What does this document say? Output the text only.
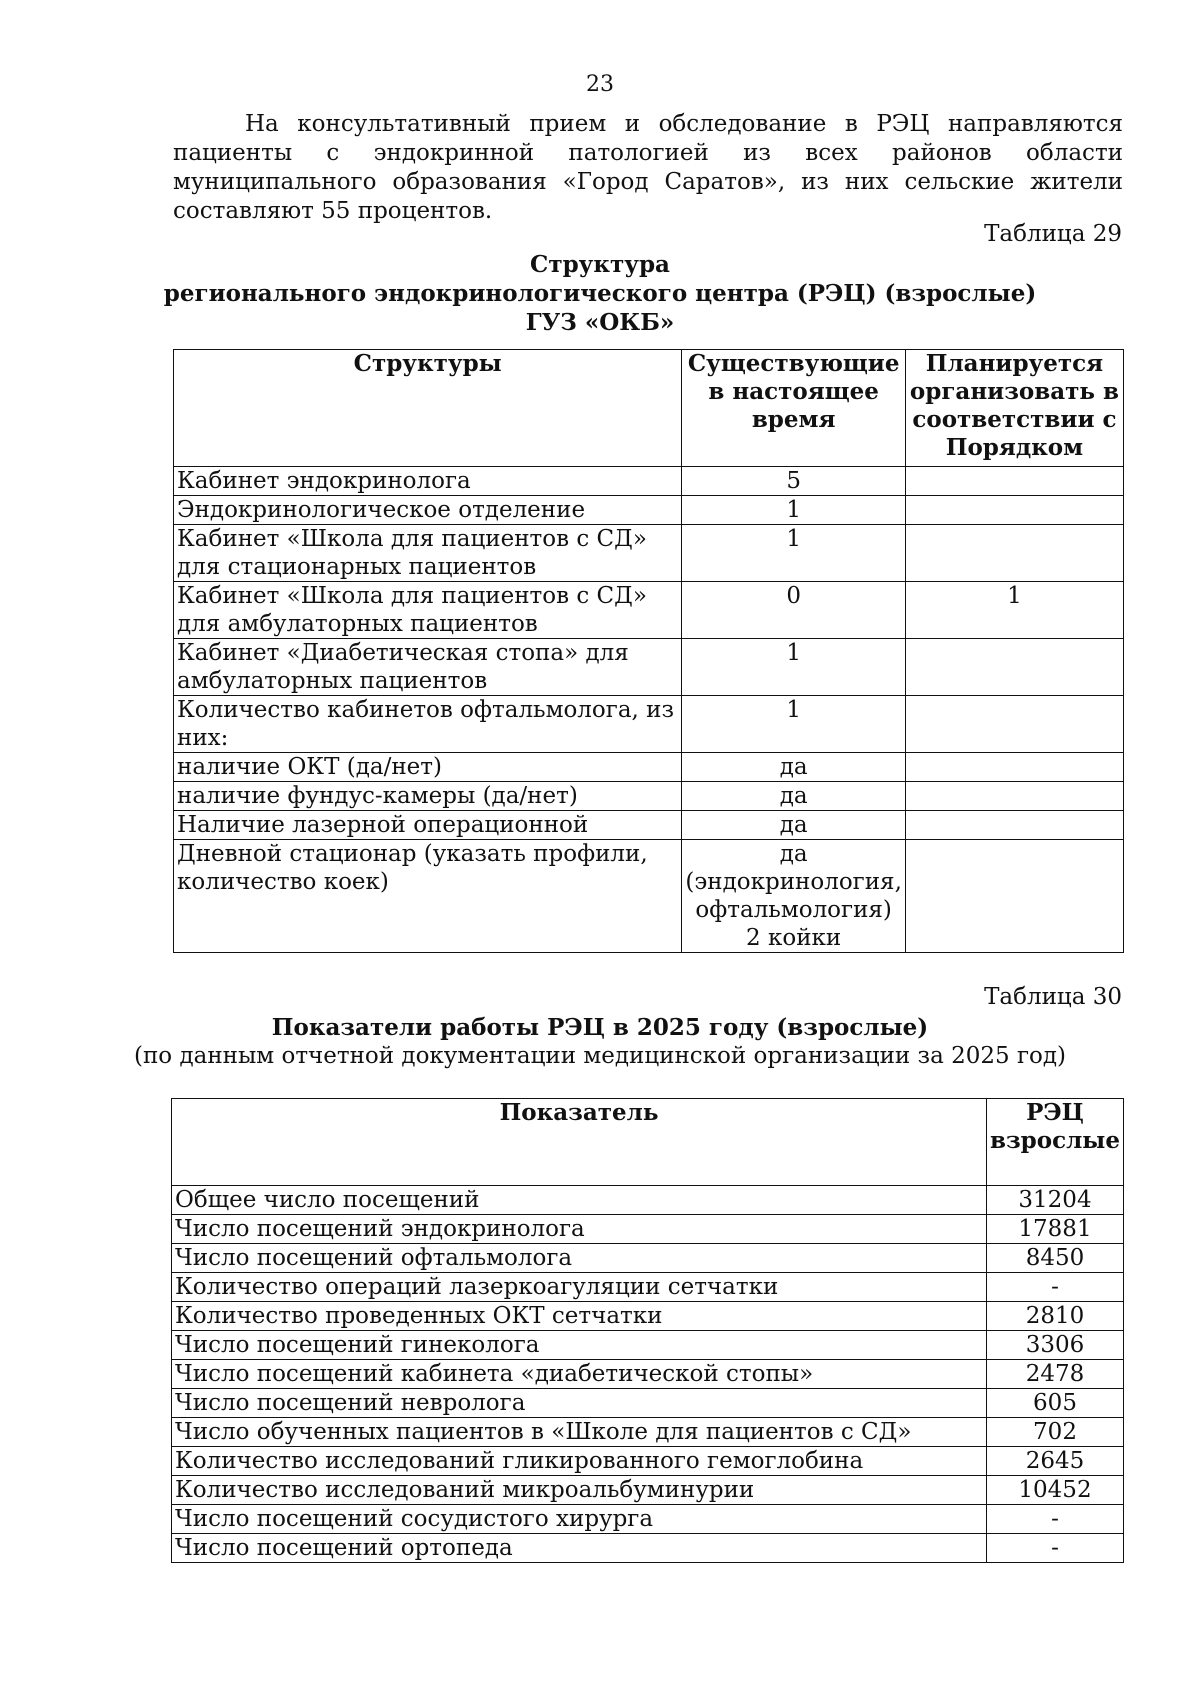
23

На консультативный прием и обследование в РЭЦ направляются пациенты с эндокринной патологией из всех районов области муниципального образования «Город Саратов», из них сельские жители составляют 55 процентов.

Таблица 29
Структура
регионального эндокринологического центра (РЭЦ) (взрослые)
ГУЗ «ОКБ»
Структуры	Существующие в настоящее время	Планируется организовать в соответствии с Порядком
Кабинет эндокринолога	5	
Эндокринологическое отделение	1	
Кабинет «Школа для пациентов с СД» для стационарных пациентов	1	
Кабинет «Школа для пациентов с СД» для амбулаторных пациентов	0	1
Кабинет «Диабетическая стопа» для амбулаторных пациентов	1	
Количество кабинетов офтальмолога, из них:	1	
наличие ОКТ (да/нет)	да	
наличие фундус-камеры (да/нет)	да	
Наличие лазерной операционной	да	
Дневной стационар (указать профили, количество коек)	да (эндокринология, офтальмология) 2 койки	
Таблица 30
Показатели работы РЭЦ в 2025 году (взрослые)
(по данным отчетной документации медицинской организации за 2025 год)
Показатель	РЭЦ взрослые
Общее число посещений	31204
Число посещений эндокринолога	17881
Число посещений офтальмолога	8450
Количество операций лазеркоагуляции сетчатки	-
Количество проведенных ОКТ сетчатки	2810
Число посещений гинеколога	3306
Число посещений кабинета «диабетической стопы»	2478
Число посещений невролога	605
Число обученных пациентов в «Школе для пациентов с СД»	702
Количество исследований гликированного гемоглобина	2645
Количество исследований микроальбуминурии	10452
Число посещений сосудистого хирурга	-
Число посещений ортопеда	-
